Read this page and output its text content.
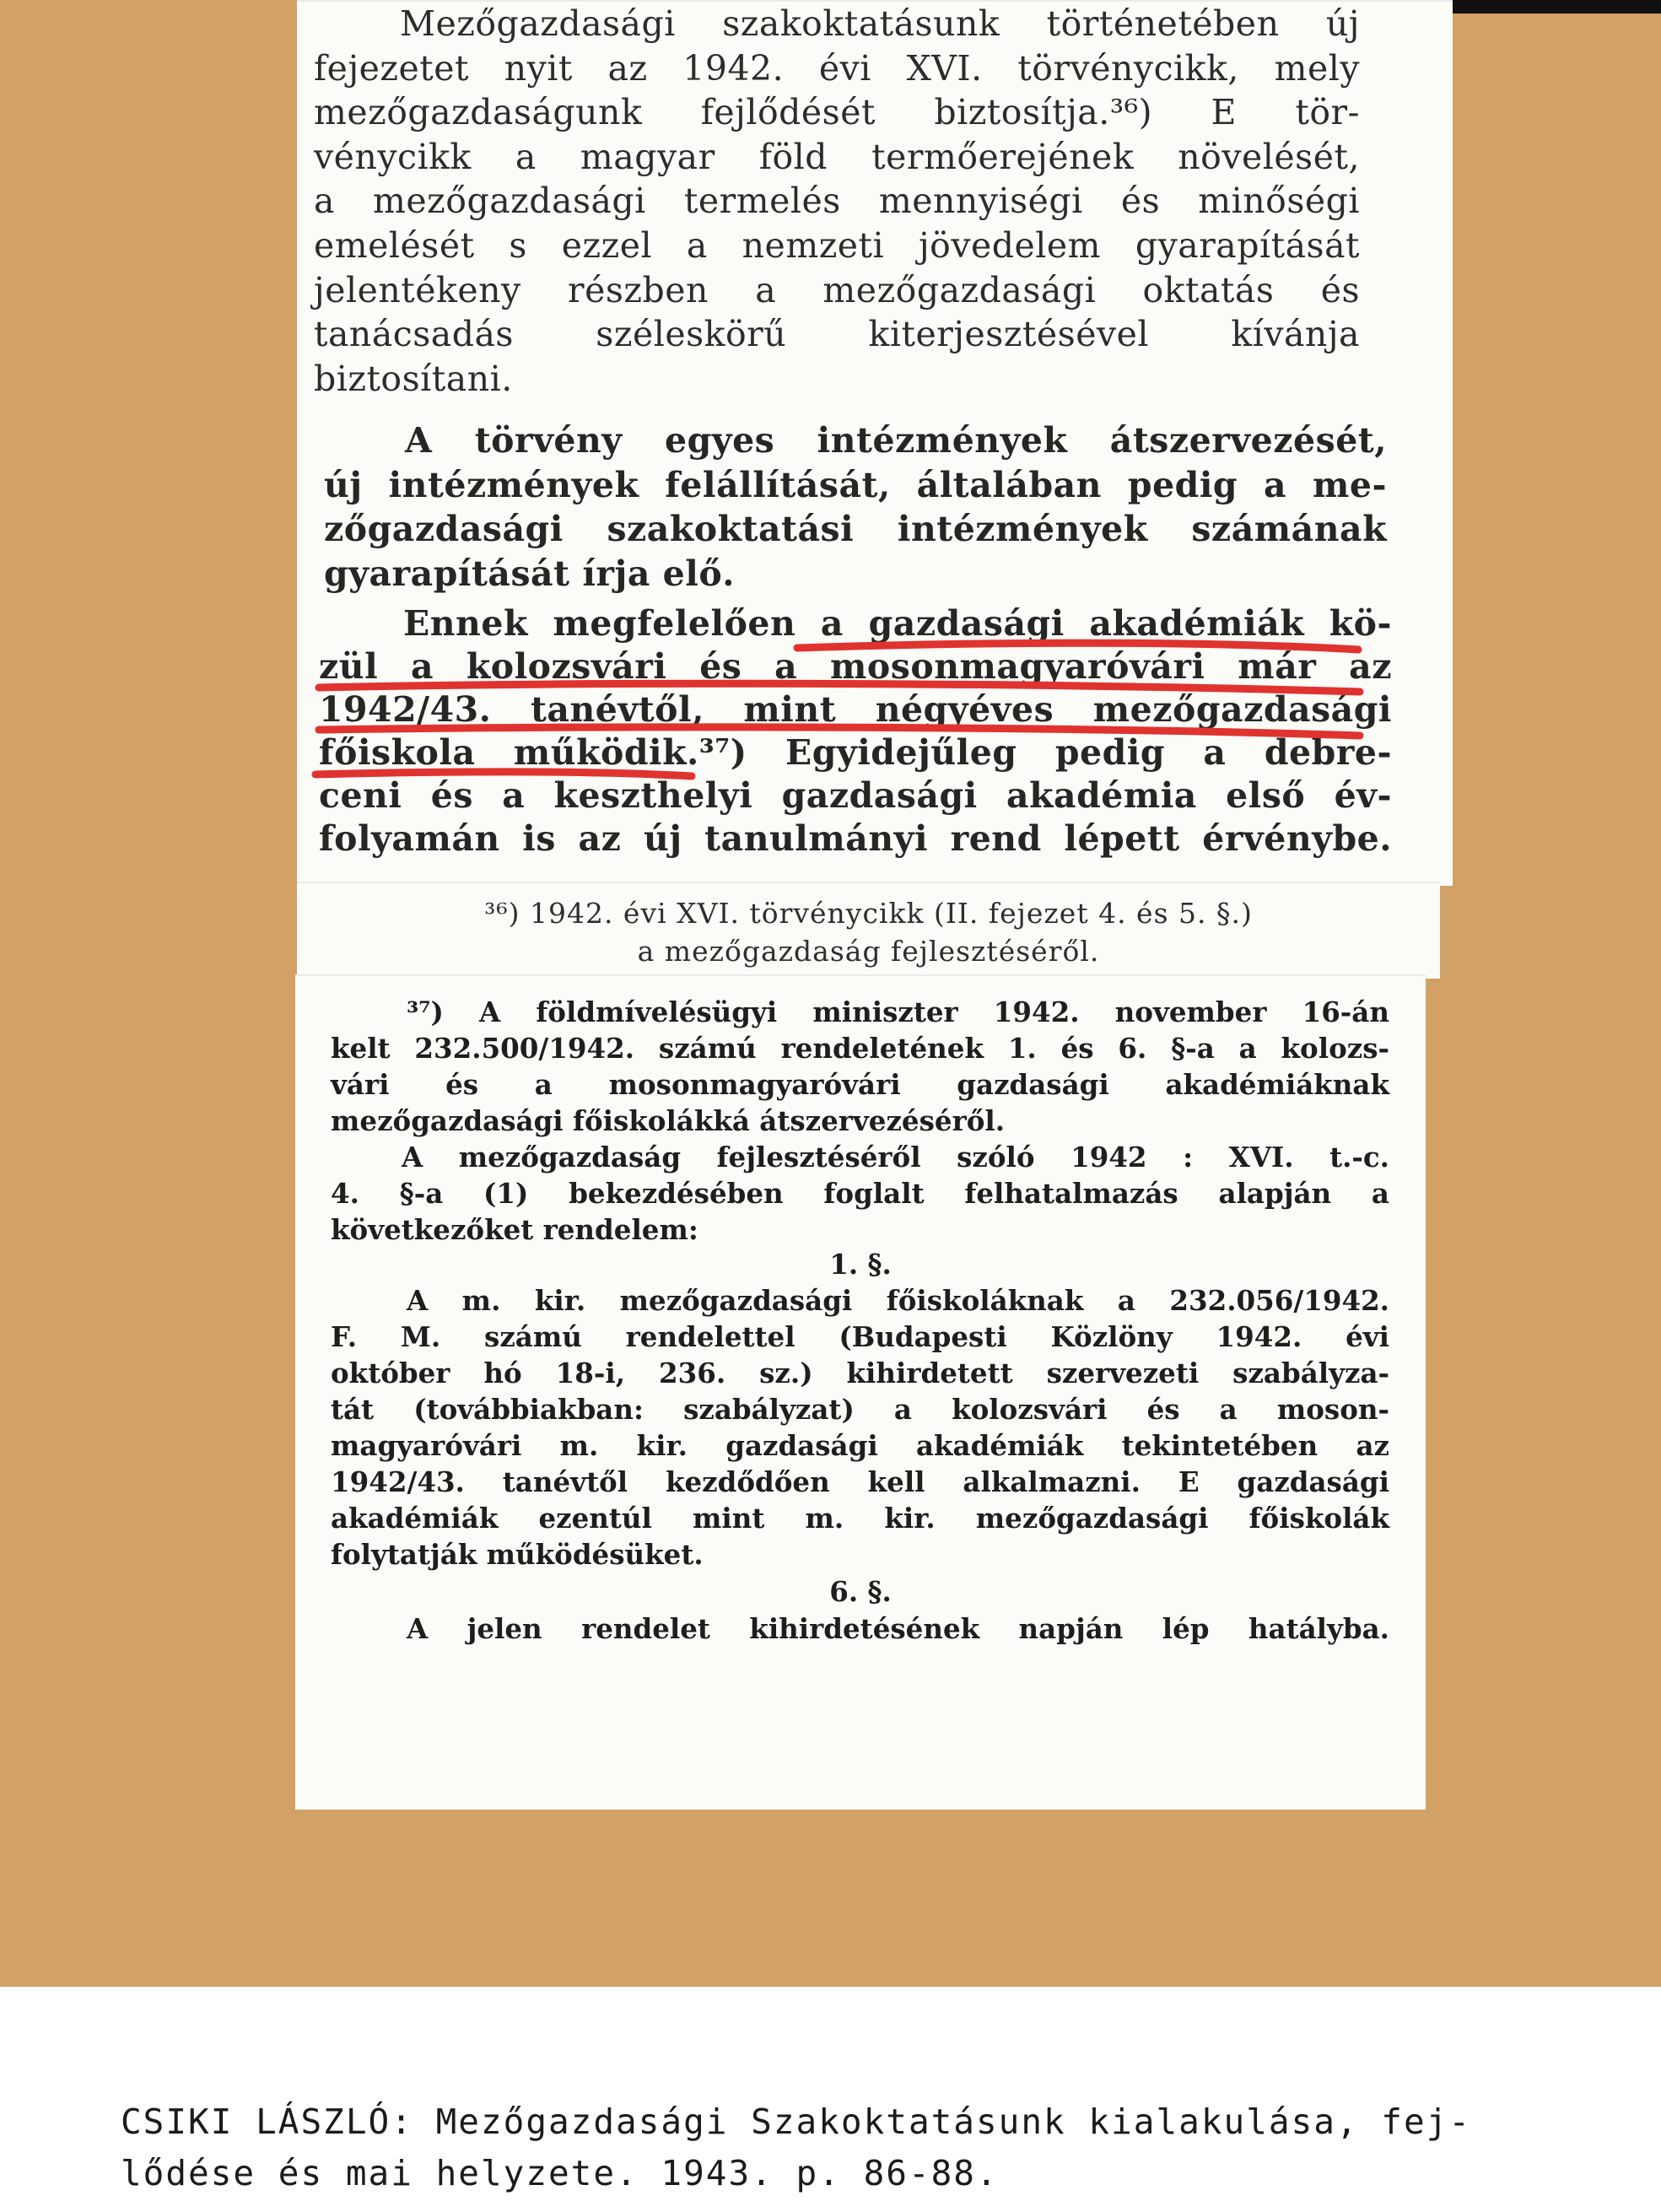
Mezőgazdasági szakoktatásunk történetében új
fejezetet nyit az 1942. évi XVI. törvénycikk, mely
mezőgazdaságunk fejlődését biztosítja.³⁶) E tör-
vénycikk a magyar föld termőerejének növelését,
a mezőgazdasági termelés mennyiségi és minőségi
emelését s ezzel a nemzeti jövedelem gyarapítását
jelentékeny részben a mezőgazdasági oktatás és
tanácsadás széleskörű kiterjesztésével kívánja
biztosítani.
A törvény egyes intézmények átszervezését,
új intézmények felállítását, általában pedig a me-
zőgazdasági szakoktatási intézmények számának
gyarapítását írja elő.
Ennek megfelelően a gazdasági akadémiák kö-
zül a kolozsvári és a mosonmagyaróvári már az
1942/43. tanévtől, mint négyéves mezőgazdasági
főiskola működik.³⁷) Egyidejűleg pedig a debre-
ceni és a keszthelyi gazdasági akadémia első év-
folyamán is az új tanulmányi rend lépett érvénybe.
³⁶) 1942. évi XVI. törvénycikk (II. fejezet 4. és 5. §.)
a mezőgazdaság fejlesztéséről.
³⁷) A földmívelésügyi miniszter 1942. november 16-án
kelt 232.500/1942. számú rendeletének 1. és 6. §-a a kolozs-
vári és a mosonmagyaróvári gazdasági akadémiáknak
mezőgazdasági főiskolákká átszervezéséről.
A mezőgazdaság fejlesztéséről szóló 1942 : XVI. t.-c.
4. §-a (1) bekezdésében foglalt felhatalmazás alapján a
következőket rendelem:
1. §.
A m. kir. mezőgazdasági főiskoláknak a 232.056/1942.
F. M. számú rendelettel (Budapesti Közlöny 1942. évi
október hó 18-i, 236. sz.) kihirdetett szervezeti szabályza-
tát (továbbiakban: szabályzat) a kolozsvári és a moson-
magyaróvári m. kir. gazdasági akadémiák tekintetében az
1942/43. tanévtől kezdődően kell alkalmazni. E gazdasági
akadémiák ezentúl mint m. kir. mezőgazdasági főiskolák
folytatják működésüket.
6. §.
A jelen rendelet kihirdetésének napján lép hatályba.
CSIKI LÁSZLÓ: Mezőgazdasági Szakoktatásunk kialakulása, fej-
lődése és mai helyzete. 1943. p. 86-88.
